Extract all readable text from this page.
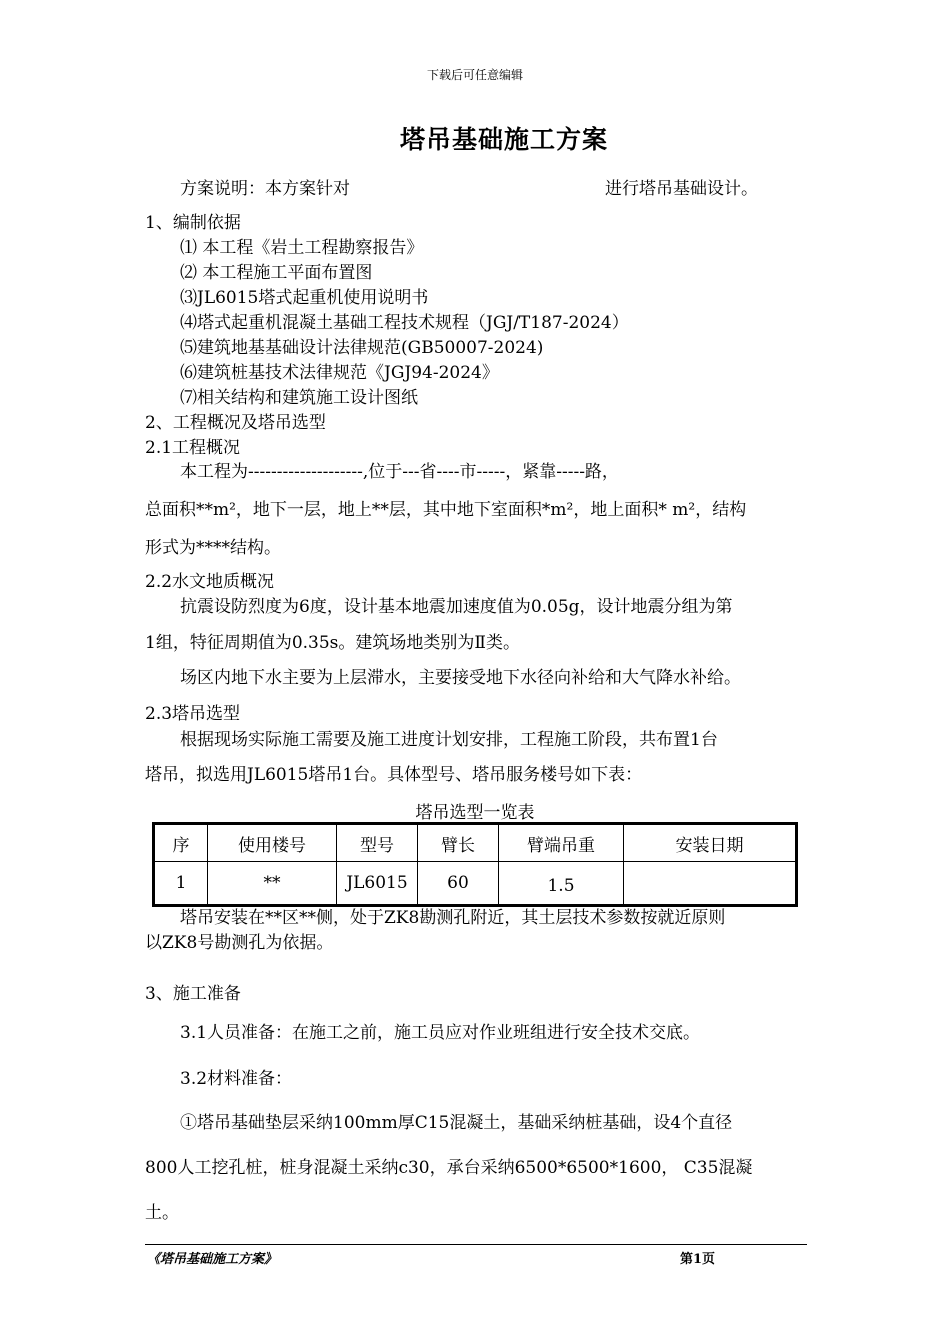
下载后可任意编辑
塔吊基础施工方案
方案说明：本方案针对	进行塔吊基础设计。
1、编制依据
⑴ 本工程《岩土工程勘察报告》
⑵ 本工程施工平面布置图
⑶JL6015塔式起重机使用说明书
⑷塔式起重机混凝土基础工程技术规程（JGJ/T187-2024）
⑸建筑地基基础设计法律规范(GB50007-2024)
⑹建筑桩基技术法律规范《JGJ94-2024》
⑺相关结构和建筑施工设计图纸
2、工程概况及塔吊选型
2.1工程概况
本工程为--------------------,位于---省----市-----，紧靠-----路，
总面积**m²，地下一层，地上**层，其中地下室面积*m²，地上面积* m²，结构
形式为****结构。
2.2水文地质概况
抗震设防烈度为6度，设计基本地震加速度值为0.05g，设计地震分组为第
1组，特征周期值为0.35s。建筑场地类别为Ⅱ类。
场区内地下水主要为上层滞水，主要接受地下水径向补给和大气降水补给。
2.3塔吊选型
根据现场实际施工需要及施工进度计划安排，工程施工阶段，共布置1台
塔吊，拟选用JL6015塔吊1台。具体型号、塔吊服务楼号如下表：
塔吊选型一览表
序	使用楼号	型号	臂长	臂端吊重	安装日期
1	**	JL6015	60	1.5	
塔吊安装在**区**侧，处于ZK8勘测孔附近，其土层技术参数按就近原则
以ZK8号勘测孔为依据。
3、施工准备
3.1人员准备：在施工之前，施工员应对作业班组进行安全技术交底。
3.2材料准备：
①塔吊基础垫层采纳100mm厚C15混凝土，基础采纳桩基础，设4个直径
800人工挖孔桩，桩身混凝土采纳c30，承台采纳6500*6500*1600， C35混凝
土。
《塔吊基础施工方案》	第1页
